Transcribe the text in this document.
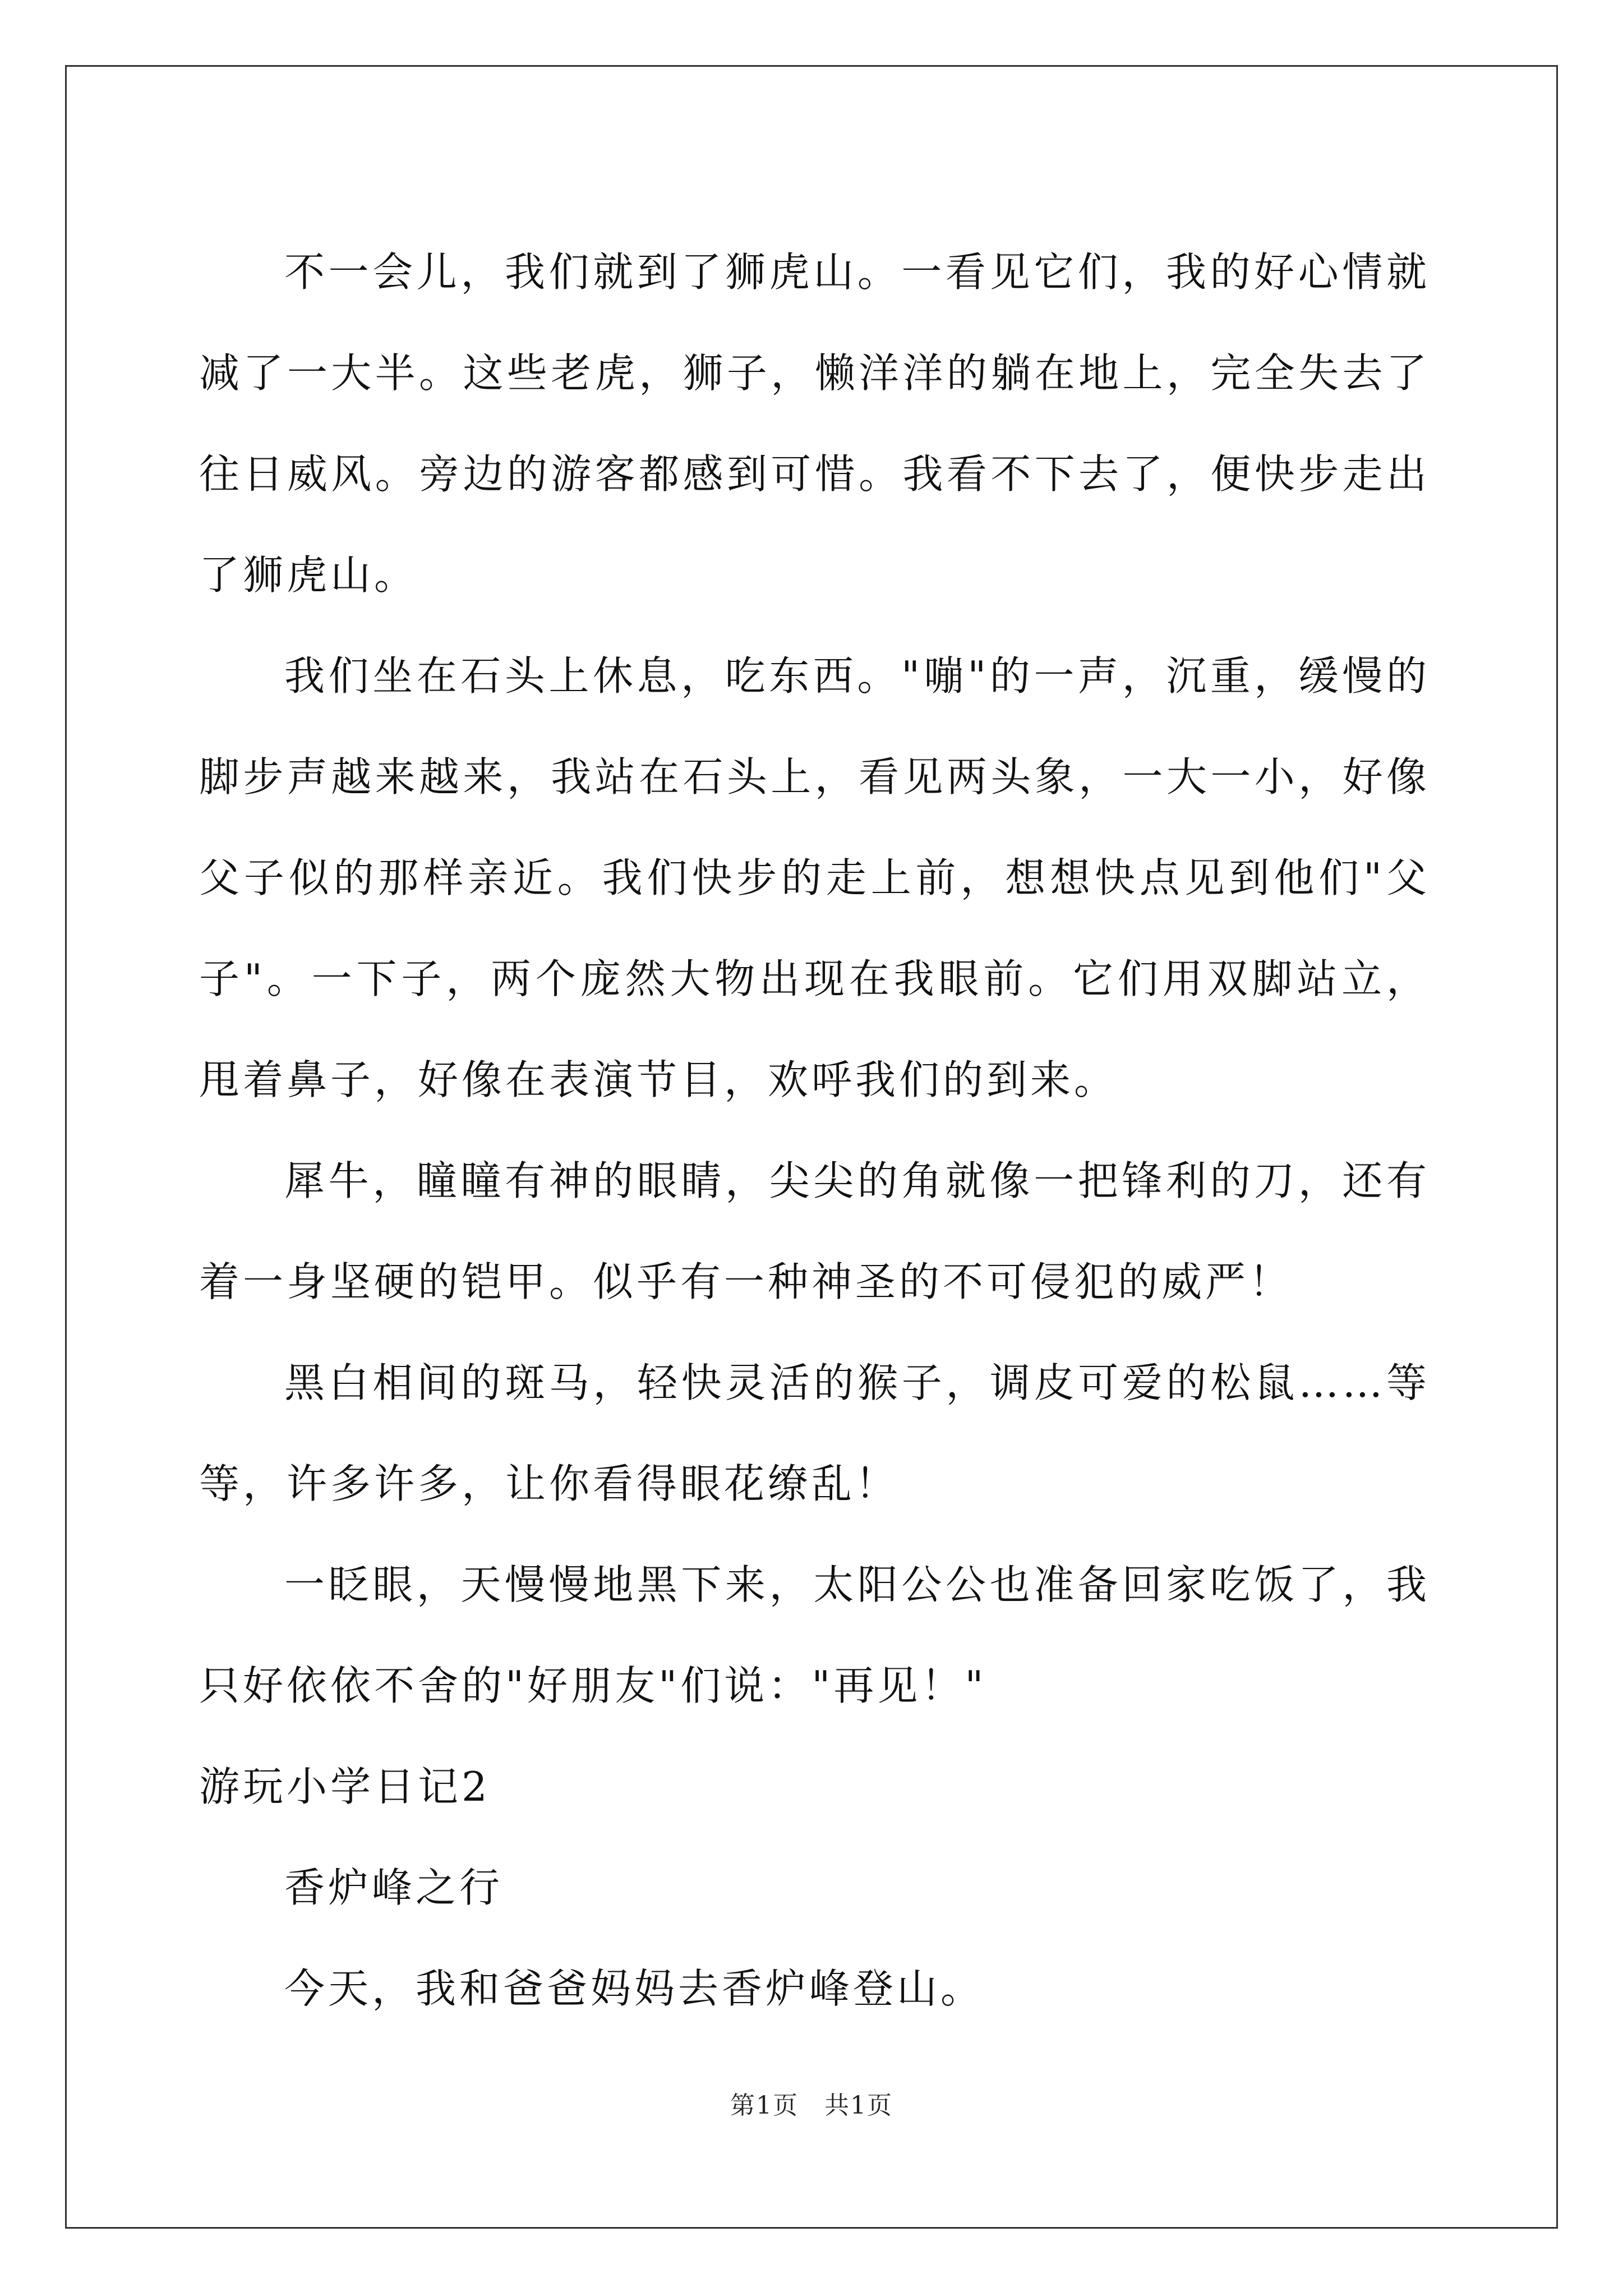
不一会儿，我们就到了狮虎山。一看见它们，我的好心情就减了一大半。这些老虎，狮子，懒洋洋的躺在地上，完全失去了往日威风。旁边的游客都感到可惜。我看不下去了，便快步走出了狮虎山。

我们坐在石头上休息，吃东西。"嘣"的一声，沉重，缓慢的脚步声越来越来，我站在石头上，看见两头象，一大一小，好像父子似的那样亲近。我们快步的走上前，想想快点见到他们"父子"。一下子，两个庞然大物出现在我眼前。它们用双脚站立，甩着鼻子，好像在表演节目，欢呼我们的到来。

犀牛，瞳瞳有神的眼睛，尖尖的角就像一把锋利的刀，还有着一身坚硬的铠甲。似乎有一种神圣的不可侵犯的威严！

黑白相间的斑马，轻快灵活的猴子，调皮可爱的松鼠……等等，许多许多，让你看得眼花缭乱！

一眨眼，天慢慢地黑下来，太阳公公也准备回家吃饭了，我只好依依不舍的"好朋友"们说："再见！"

游玩小学日记2

香炉峰之行

今天，我和爸爸妈妈去香炉峰登山。

第1页　共1页
